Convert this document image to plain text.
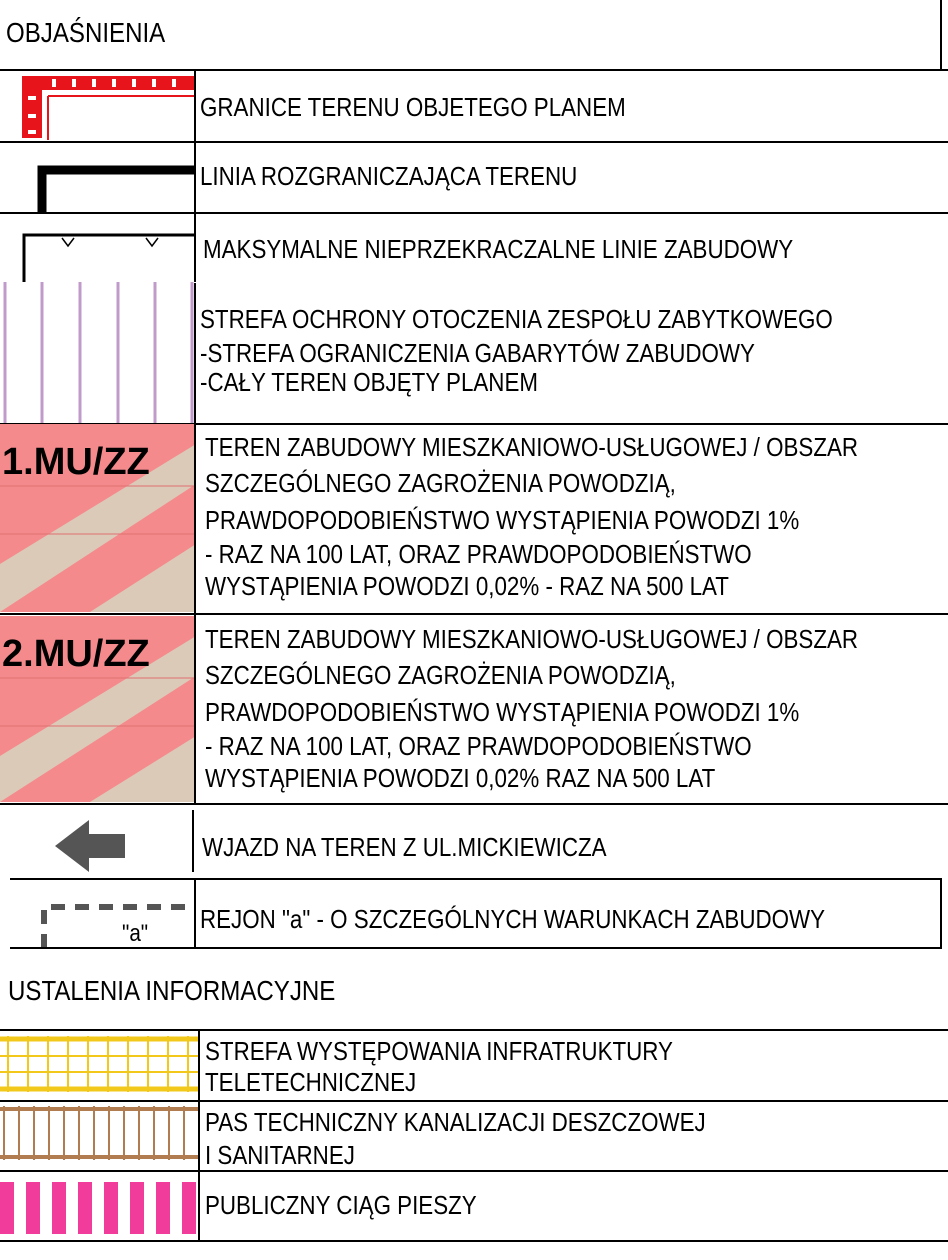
OBJAŚNIENIA
GRANICE TERENU OBJETEGO PLANEM
LINIA ROZGRANICZAJĄCA TERENU
MAKSYMALNE NIEPRZEKRACZALNE LINIE ZABUDOWY
STREFA OCHRONY OTOCZENIA ZESPOŁU ZABYTKOWEGO
-STREFA OGRANICZENIA GABARYTÓW ZABUDOWY
-CAŁY TEREN OBJĘTY PLANEM
1.MU/ZZ TEREN ZABUDOWY MIESZKANIOWO-USŁUGOWEJ / OBSZAR
SZCZEGÓLNEGO ZAGROŻENIA POWODZIĄ,
PRAWDOPODOBIEŃSTWO WYSTĄPIENIA POWODZI 1%
- RAZ NA 100 LAT, ORAZ PRAWDOPODOBIEŃSTWO
WYSTĄPIENIA POWODZI 0,02% - RAZ NA 500 LAT
2.MU/ZZ TEREN ZABUDOWY MIESZKANIOWO-USŁUGOWEJ / OBSZAR
SZCZEGÓLNEGO ZAGROŻENIA POWODZIĄ,
PRAWDOPODOBIEŃSTWO WYSTĄPIENIA POWODZI 1%
- RAZ NA 100 LAT, ORAZ PRAWDOPODOBIEŃSTWO
WYSTĄPIENIA POWODZI 0,02% RAZ NA 500 LAT
WJAZD NA TEREN Z UL.MICKIEWICZA
"a" REJON "a" - O SZCZEGÓLNYCH WARUNKACH ZABUDOWY
USTALENIA INFORMACYJNE
STREFA WYSTĘPOWANIA INFRATRUKTURY
TELETECHNICZNEJ
PAS TECHNICZNY KANALIZACJI DESZCZOWEJ
I SANITARNEJ
PUBLICZNY CIĄG PIESZY
